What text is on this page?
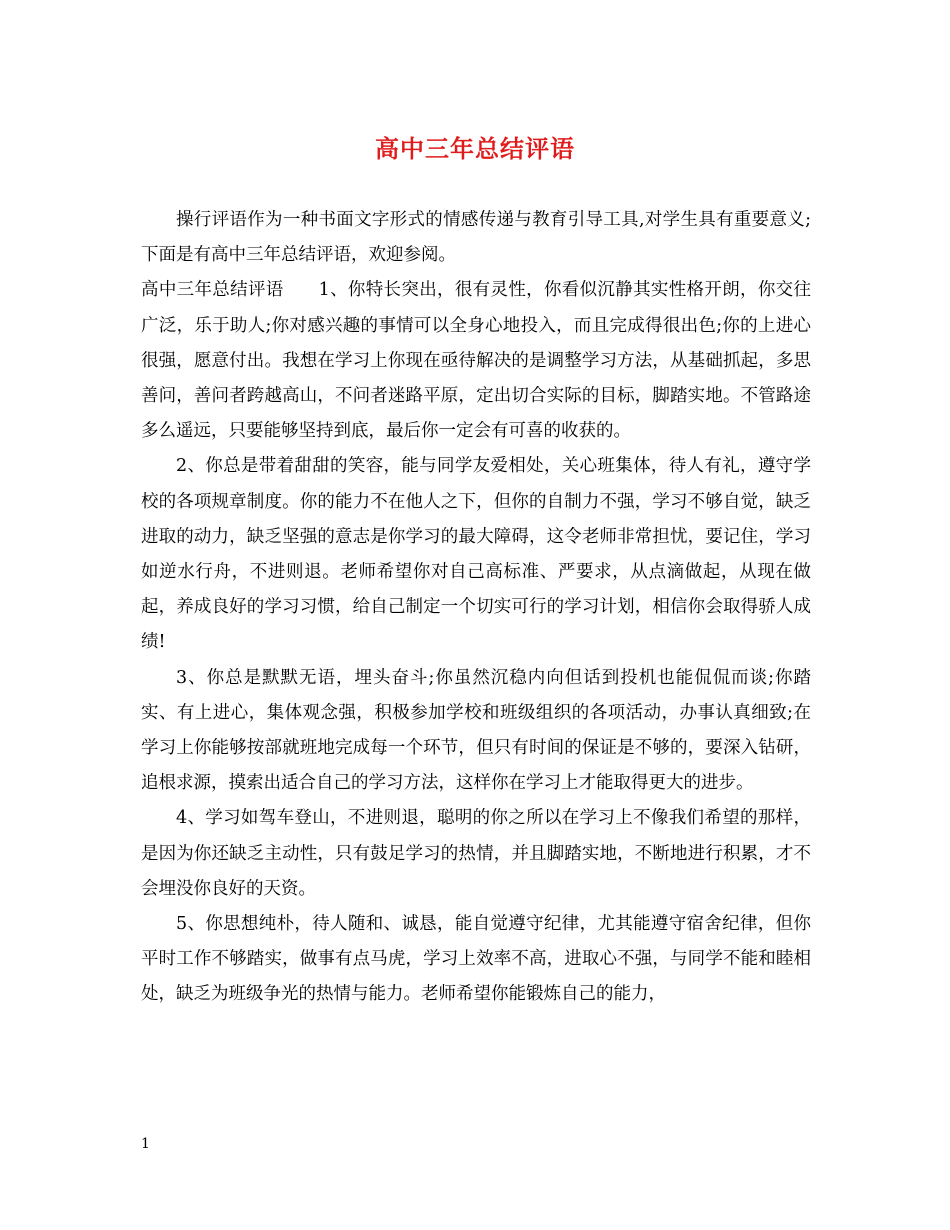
高中三年总结评语

操行评语作为一种书面文字形式的情感传递与教育引导工具,对学生具有重要意义;下面是有高中三年总结评语，欢迎参阅。

高中三年总结评语 1、你特长突出，很有灵性，你看似沉静其实性格开朗，你交往广泛，乐于助人;你对感兴趣的事情可以全身心地投入，而且完成得很出色;你的上进心很强，愿意付出。我想在学习上你现在亟待解决的是调整学习方法，从基础抓起，多思善问，善问者跨越高山，不问者迷路平原，定出切合实际的目标，脚踏实地。不管路途多么遥远，只要能够坚持到底，最后你一定会有可喜的收获的。

2、你总是带着甜甜的笑容，能与同学友爱相处，关心班集体，待人有礼，遵守学校的各项规章制度。你的能力不在他人之下，但你的自制力不强，学习不够自觉，缺乏进取的动力，缺乏坚强的意志是你学习的最大障碍，这令老师非常担忧，要记住，学习如逆水行舟，不进则退。老师希望你对自己高标准、严要求，从点滴做起，从现在做起，养成良好的学习习惯，给自己制定一个切实可行的学习计划，相信你会取得骄人成绩!

3、你总是默默无语，埋头奋斗;你虽然沉稳内向但话到投机也能侃侃而谈;你踏实、有上进心，集体观念强，积极参加学校和班级组织的各项活动，办事认真细致;在学习上你能够按部就班地完成每一个环节，但只有时间的保证是不够的，要深入钻研，追根求源，摸索出适合自己的学习方法，这样你在学习上才能取得更大的进步。

4、学习如驾车登山，不进则退，聪明的你之所以在学习上不像我们希望的那样，是因为你还缺乏主动性，只有鼓足学习的热情，并且脚踏实地，不断地进行积累，才不会埋没你良好的天资。

5、你思想纯朴，待人随和、诚恳，能自觉遵守纪律，尤其能遵守宿舍纪律，但你平时工作不够踏实，做事有点马虎，学习上效率不高，进取心不强，与同学不能和睦相处，缺乏为班级争光的热情与能力。老师希望你能锻炼自己的能力，

1
